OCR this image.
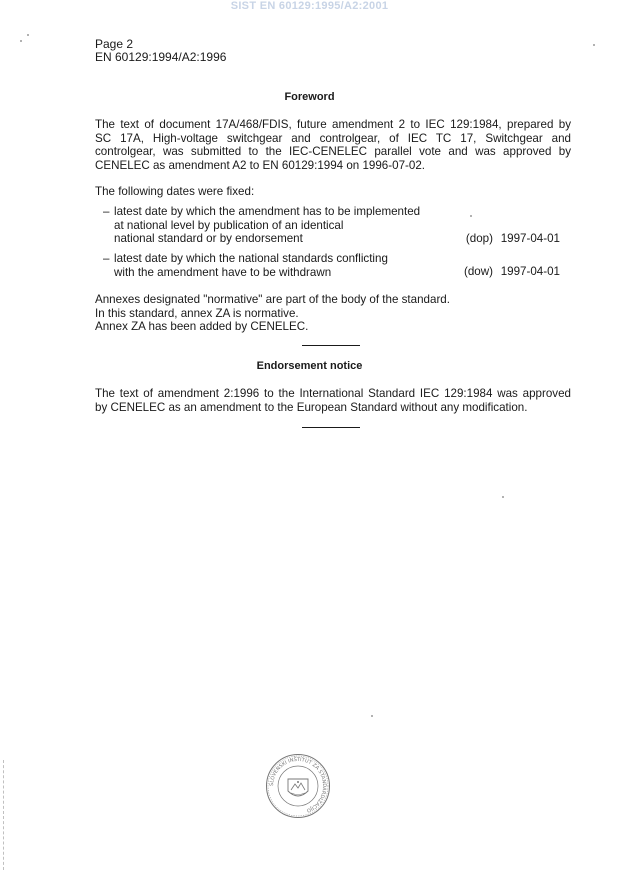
SIST EN 60129:1995/A2:2001
Page 2
EN 60129:1994/A2:1996
Foreword
The text of document 17A/468/FDIS, future amendment 2 to IEC 129:1984, prepared by
SC 17A, High-voltage switchgear and controlgear, of IEC TC 17, Switchgear and
controlgear, was submitted to the IEC-CENELEC parallel vote and was approved by
CENELEC as amendment A2 to EN 60129:1994 on 1996-07-02.
The following dates were fixed:
– latest date by which the amendment has to be implemented
at national level by publication of an identical
national standard or by endorsement	(dop) 1997-04-01
– latest date by which the national standards conflicting
with the amendment have to be withdrawn	(dow) 1997-04-01
Annexes designated "normative" are part of the body of the standard.
In this standard, annex ZA is normative.
Annex ZA has been added by CENELEC.
Endorsement notice
The text of amendment 2:1996 to the International Standard IEC 129:1984 was approved
by CENELEC as an amendment to the European Standard without any modification.
SLOVENSKI INŠTITUT ZA STANDARDIZACIJO
